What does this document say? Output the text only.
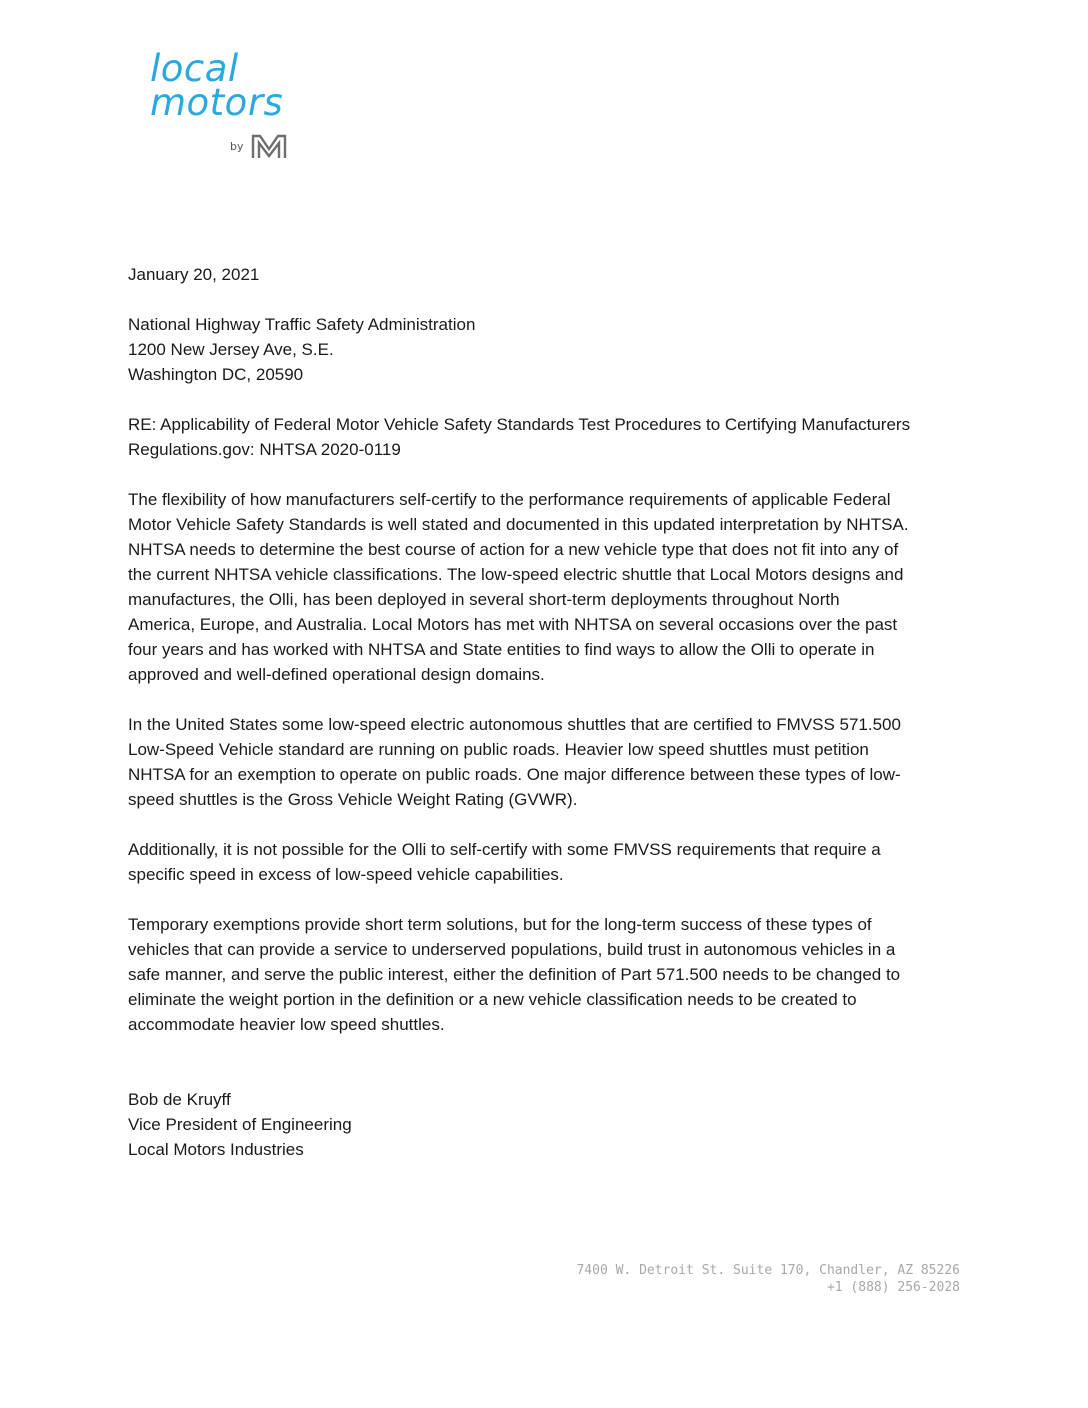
local
motors
by
January 20, 2021
National Highway Traffic Safety Administration
1200 New Jersey Ave, S.E.
Washington DC, 20590
RE: Applicability of Federal Motor Vehicle Safety Standards Test Procedures to Certifying Manufacturers
Regulations.gov: NHTSA 2020-0119
The flexibility of how manufacturers self-certify to the performance requirements of applicable Federal
Motor Vehicle Safety Standards is well stated and documented in this updated interpretation by NHTSA.
NHTSA needs to determine the best course of action for a new vehicle type that does not fit into any of
the current NHTSA vehicle classifications. The low-speed electric shuttle that Local Motors designs and
manufactures, the Olli, has been deployed in several short-term deployments throughout North
America, Europe, and Australia. Local Motors has met with NHTSA on several occasions over the past
four years and has worked with NHTSA and State entities to find ways to allow the Olli to operate in
approved and well-defined operational design domains.
In the United States some low-speed electric autonomous shuttles that are certified to FMVSS 571.500
Low-Speed Vehicle standard are running on public roads. Heavier low speed shuttles must petition
NHTSA for an exemption to operate on public roads. One major difference between these types of low-
speed shuttles is the Gross Vehicle Weight Rating (GVWR).
Additionally, it is not possible for the Olli to self-certify with some FMVSS requirements that require a
specific speed in excess of low-speed vehicle capabilities.
Temporary exemptions provide short term solutions, but for the long-term success of these types of
vehicles that can provide a service to underserved populations, build trust in autonomous vehicles in a
safe manner, and serve the public interest, either the definition of Part 571.500 needs to be changed to
eliminate the weight portion in the definition or a new vehicle classification needs to be created to
accommodate heavier low speed shuttles.
Bob de Kruyff
Vice President of Engineering
Local Motors Industries
7400 W. Detroit St. Suite 170, Chandler, AZ 85226
+1 (888) 256-2028
